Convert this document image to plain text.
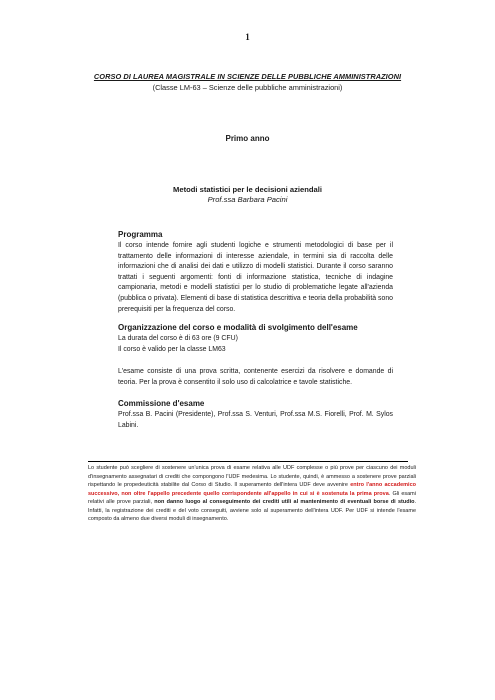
1
CORSO DI LAUREA MAGISTRALE IN SCIENZE DELLE PUBBLICHE AMMINISTRAZIONI
(Classe LM-63 – Scienze delle pubbliche amministrazioni)
Primo anno
Metodi statistici per le decisioni aziendali
Prof.ssa Barbara Pacini
Programma

Il corso intende fornire agli studenti logiche e strumenti metodologici di base per il trattamento delle informazioni di interesse aziendale, in termini sia di raccolta delle informazioni che di analisi dei dati e utilizzo di modelli statistici. Durante il corso saranno trattati i seguenti argomenti: fonti di informazione statistica, tecniche di indagine campionaria, metodi e modelli statistici per lo studio di problematiche legate all'azienda (pubblica o privata). Elementi di base di statistica descrittiva e teoria della probabilità sono prerequisiti per la frequenza del corso.

Organizzazione del corso e modalità di svolgimento dell'esame

La durata del corso è di 63 ore (9 CFU)

Il corso è valido per la classe LM63

L'esame consiste di una prova scritta, contenente esercizi da risolvere e domande di teoria. Per la prova è consentito il solo uso di calcolatrice e tavole statistiche.

Commissione d'esame

Prof.ssa B. Pacini (Presidente), Prof.ssa S. Venturi, Prof.ssa M.S. Fiorelli, Prof. M. Sylos Labini.

Lo studente può scegliere di sostenere un'unica prova di esame relativa alle UDF complesse o più prove per ciascuno dei moduli d'insegnamento assegnatari di crediti che compongono l'UDF medesima. Lo studente, quindi, è ammesso a sostenere prove parziali rispettando le propedeuticità stabilite dal Corso di Studio. Il superamento dell'intera UDF deve avvenire entro l'anno accademico successivo, non oltre l'appello precedente quello corrispondente all'appello in cui si è sostenuta la prima prova. Gli esami relativi alle prove parziali, non danno luogo al conseguimento dei crediti utili al mantenimento di eventuali borse di studio. Infatti, la registrazione dei crediti e del voto conseguiti, avviene solo al superamento dell'intera UDF. Per UDF si intende l'esame composto da almeno due diversi moduli di insegnamento.
